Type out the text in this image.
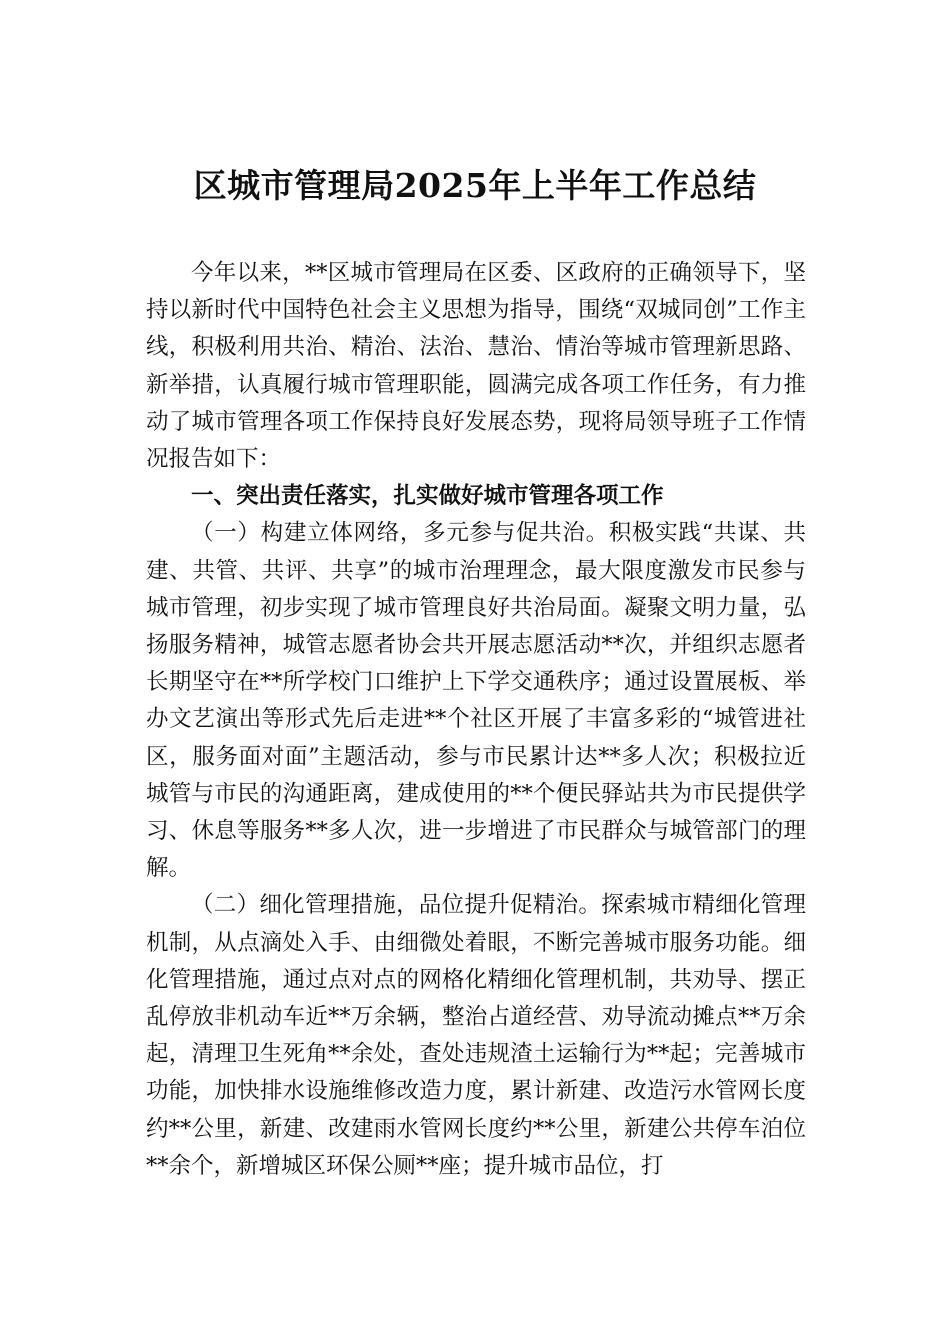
区城市管理局2025年上半年工作总结

今年以来，**区城市管理局在区委、区政府的正确领导下，坚持以新时代中国特色社会主义思想为指导，围绕“双城同创”工作主线，积极利用共治、精治、法治、慧治、情治等城市管理新思路、新举措，认真履行城市管理职能，圆满完成各项工作任务，有力推动了城市管理各项工作保持良好发展态势，现将局领导班子工作情况报告如下：

一、突出责任落实，扎实做好城市管理各项工作

（一）构建立体网络，多元参与促共治。积极实践“共谋、共建、共管、共评、共享”的城市治理理念，最大限度激发市民参与城市管理，初步实现了城市管理良好共治局面。凝聚文明力量，弘扬服务精神，城管志愿者协会共开展志愿活动**次，并组织志愿者长期坚守在**所学校门口维护上下学交通秩序；通过设置展板、举办文艺演出等形式先后走进**个社区开展了丰富多彩的“城管进社区，服务面对面”主题活动，参与市民累计达**多人次；积极拉近城管与市民的沟通距离，建成使用的**个便民驿站共为市民提供学习、休息等服务**多人次，进一步增进了市民群众与城管部门的理解。

（二）细化管理措施，品位提升促精治。探索城市精细化管理机制，从点滴处入手、由细微处着眼，不断完善城市服务功能。细化管理措施，通过点对点的网格化精细化管理机制，共劝导、摆正乱停放非机动车近**万余辆，整治占道经营、劝导流动摊点**万余起，清理卫生死角**余处，查处违规渣土运输行为**起；完善城市功能，加快排水设施维修改造力度，累计新建、改造污水管网长度约**公里，新建、改建雨水管网长度约**公里，新建公共停车泊位**余个，新增城区环保公厕**座；提升城市品位，打
